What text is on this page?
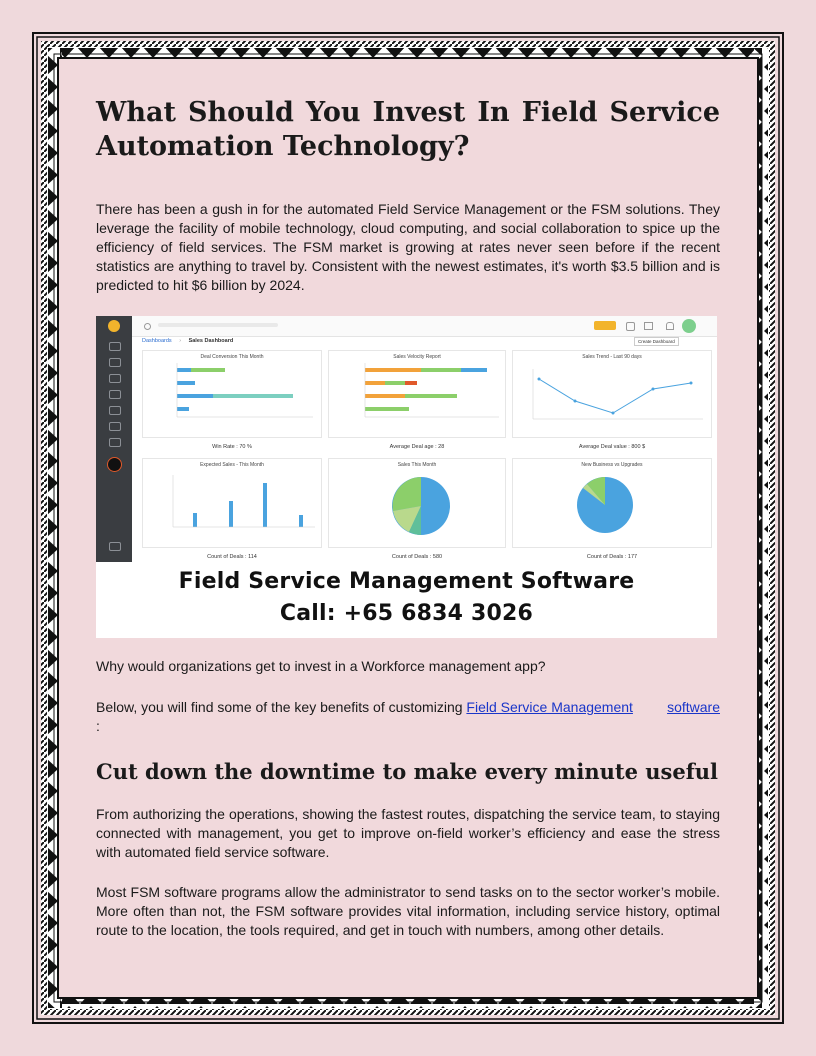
What Should You Invest In Field Service Automation Technology?

There has been a gush in for the automated Field Service Management or the FSM solutions. They leverage the facility of mobile technology, cloud computing, and social collaboration to spice up the efficiency of field services. The FSM market is growing at rates never seen before if the recent statistics are anything to travel by. Consistent with the newest estimates, it's worth $3.5 billion and is predicted to hit $6 billion by 2024.

Dashboards › Sales Dashboard	Create Dashboard
Deal Conversion This Month
Win Rate : 70 %
Sales Velocity Report
Average Deal age : 28
Sales Trend - Last 90 days
Average Deal value : 800 $
Expected Sales - This Month
Count of Deals : 114
Sales This Month
Count of Deals : 580
New Business vs Upgrades
Count of Deals : 177
Field Service Management Software
Call: +65 6834 3026

Why would organizations get to invest in a Workforce management app?

Below, you will find some of the key benefits of customizing Field Service Management software

:

Cut down the downtime to make every minute useful

From authorizing the operations, showing the fastest routes, dispatching the service team, to staying connected with management, you get to improve on-field worker’s efficiency and ease the stress with automated field service software.

Most FSM software programs allow the administrator to send tasks on to the sector worker’s mobile. More often than not, the FSM software provides vital information, including service history, optimal route to the location, the tools required, and get in touch with numbers, among other details.
